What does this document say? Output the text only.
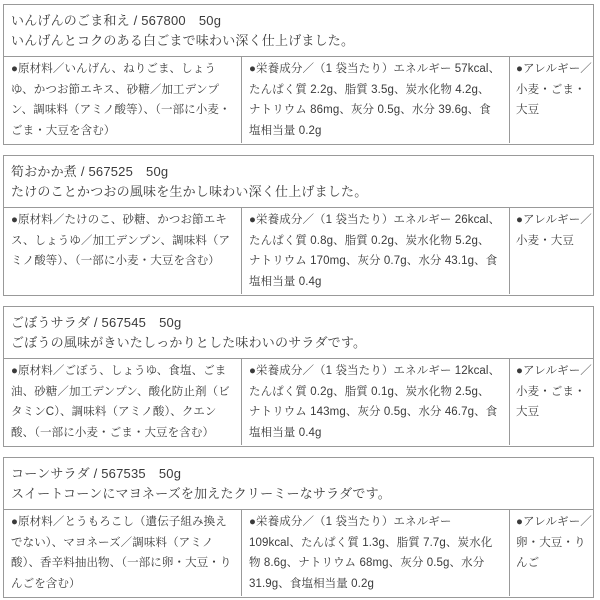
いんげんのごま和え / 567800 50g
いんげんとコクのある白ごまで味わい深く仕上げました。
●原材料／いんげん、ねりごま、しょうゆ、かつお節エキス、砂糖／加工デンプン、調味料（アミノ酸等）、（一部に小麦・ごま・大豆を含む）
●栄養成分／（1 袋当たり）エネルギー 57kcal、たんぱく質 2.2g、脂質 3.5g、炭水化物 4.2g、ナトリウム 86mg、灰分 0.5g、水分 39.6g、食塩相当量 0.2g
●アレルギー／
小麦・ごま・大豆
筍おかか煮 / 567525 50g
たけのことかつおの風味を生かし味わい深く仕上げました。
●原材料／たけのこ、砂糖、かつお節エキス、しょうゆ／加工デンプン、調味料（アミノ酸等）、（一部に小麦・大豆を含む）
●栄養成分／（1 袋当たり）エネルギー 26kcal、たんぱく質 0.8g、脂質 0.2g、炭水化物 5.2g、ナトリウム 170mg、灰分 0.7g、水分 43.1g、食塩相当量 0.4g
●アレルギー／
小麦・大豆
ごぼうサラダ / 567545 50g
ごぼうの風味がきいたしっかりとした味わいのサラダです。
●原材料／ごぼう、しょうゆ、食塩、ごま油、砂糖／加工デンプン、酸化防止剤（ビタミンC）、調味料（アミノ酸）、クエン酸、（一部に小麦・ごま・大豆を含む）
●栄養成分／（1 袋当たり）エネルギー 12kcal、たんぱく質 0.2g、脂質 0.1g、炭水化物 2.5g、ナトリウム 143mg、灰分 0.5g、水分 46.7g、食塩相当量 0.4g
●アレルギー／
小麦・ごま・大豆
コーンサラダ / 567535 50g
スイートコーンにマヨネーズを加えたクリーミーなサラダです。
●原材料／とうもろこし（遺伝子組み換えでない）、マヨネーズ／調味料（アミノ酸）、香辛料抽出物、（一部に卵・大豆・りんごを含む）
●栄養成分／（1 袋当たり）エネルギー 109kcal、たんぱく質 1.3g、脂質 7.7g、炭水化物 8.6g、ナトリウム 68mg、灰分 0.5g、水分 31.9g、食塩相当量 0.2g
●アレルギー／
卵・大豆・りんご
